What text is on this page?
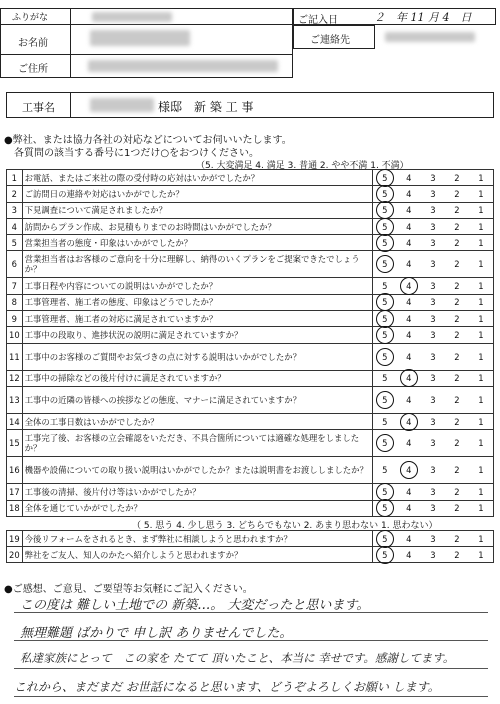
ふりがな
お名前
ご住所
ご記入日	２　年 11 月 4　日
ご連絡先
工事名	様邸　新 築 工 事
●弊社、または協力各社の対応などについてお伺いいたします。
各質問の該当する番号に1つだけ○をおつけください。
（5. 大変満足 4. 満足 3. 普通 2. やや不満 1. 不満）
1	お電話、またはご来社の際の受付時の応対はいかがでしたか？	5	4	3	2	1
2	ご訪問日の連絡や対応はいかがでしたか？	5	4	3	2	1
3	下見調査について満足されましたか？	5	4	3	2	1
4	訪問からプラン作成、お見積もりまでのお時間はいかがでしたか？	5	4	3	2	1
5	営業担当者の態度・印象はいかがでしたか？	5	4	3	2	1
6	営業担当者はお客様のご意向を十分に理解し、納得のいくプランをご提案できたでしょうか？	5	4	3	2	1
7	工事日程や内容についての説明はいかがでしたか？	5	4	3	2	1
8	工事管理者、施工者の態度、印象はどうでしたか？	5	4	3	2	1
9	工事管理者、施工者の対応に満足されていますか？	5	4	3	2	1
10	工事中の段取り、進捗状況の説明に満足されていますか？	5	4	3	2	1
11	工事中のお客様のご質問やお気づきの点に対する説明はいかがでしたか？	5	4	3	2	1
12	工事中の掃除などの後片付けに満足されていますか？	5	4	3	2	1
13	工事中の近隣の皆様への挨拶などの態度、マナーに満足されていますか？	5	4	3	2	1
14	全体の工事日数はいかがでしたか？	5	4	3	2	1
15	工事完了後、お客様の立会確認をいただき、不具合箇所については適確な処理をしましたか？	5	4	3	2	1
16	機器や設備についての取り扱い説明はいかがでしたか？または説明書をお渡ししましたか？	5	4	3	2	1
17	工事後の清掃、後片付け等はいかがでしたか？	5	4	3	2	1
18	全体を通じていかがでしたか？	5	4	3	2	1
（ 5. 思う 4. 少し思う 3. どちらでもない 2. あまり思わない 1. 思わない）
19	今後リフォームをされるとき、まず弊社に相談しようと思われますか？	5	4	3	2	1
20	弊社をご友人、知人のかたへ紹介しようと思われますか？	5	4	3	2	1
●ご感想、ご意見、ご要望等お気軽にご記入ください。
この度は 難しい土地での 新築…。 大変だったと思います。
無理難題 ばかりで 申し訳 ありませんでした。
私達家族にとって　この家を たてて 頂いたこと、本当に 幸せです。感謝してます。
これから、まだまだ お世話になると思います、どうぞよろしくお願い します。
